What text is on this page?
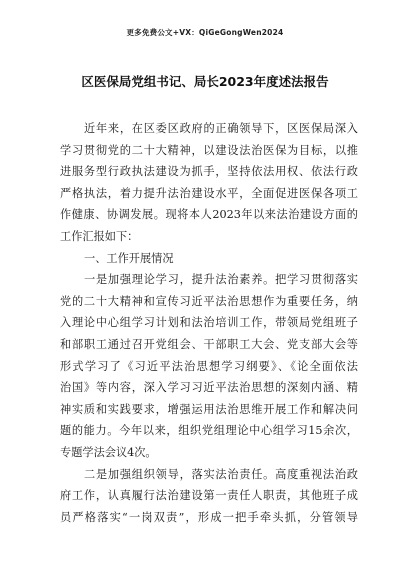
更多免费公文+VX：QiGeGongWen2024
区医保局党组书记、局长2023年度述法报告
近年来，在区委区政府的正确领导下，区医保局深入
学习贯彻党的二十大精神，以建设法治医保为目标，以推
进服务型行政执法建设为抓手，坚持依法用权、依法行政
严格执法，着力提升法治建设水平，全面促进医保各项工
作健康、协调发展。现将本人2023年以来法治建设方面的
工作汇报如下：
一、工作开展情况
一是加强理论学习，提升法治素养。把学习贯彻落实
党的二十大精神和宣传习近平法治思想作为重要任务，纳
入理论中心组学习计划和法治培训工作，带领局党组班子
和部职工通过召开党组会、干部职工大会、党支部大会等
形式学习了《习近平法治思想学习纲要》、《论全面依法
治国》等内容，深入学习习近平法治思想的深刻内涵、精
神实质和实践要求，增强运用法治思维开展工作和解决问
题的能力。今年以来，组织党组理论中心组学习15余次，
专题学法会议4次。
二是加强组织领导，落实法治责任。高度重视法治政
府工作，认真履行法治建设第一责任人职责，其他班子成
员严格落实“一岗双责”，形成一把手牵头抓，分管领导
